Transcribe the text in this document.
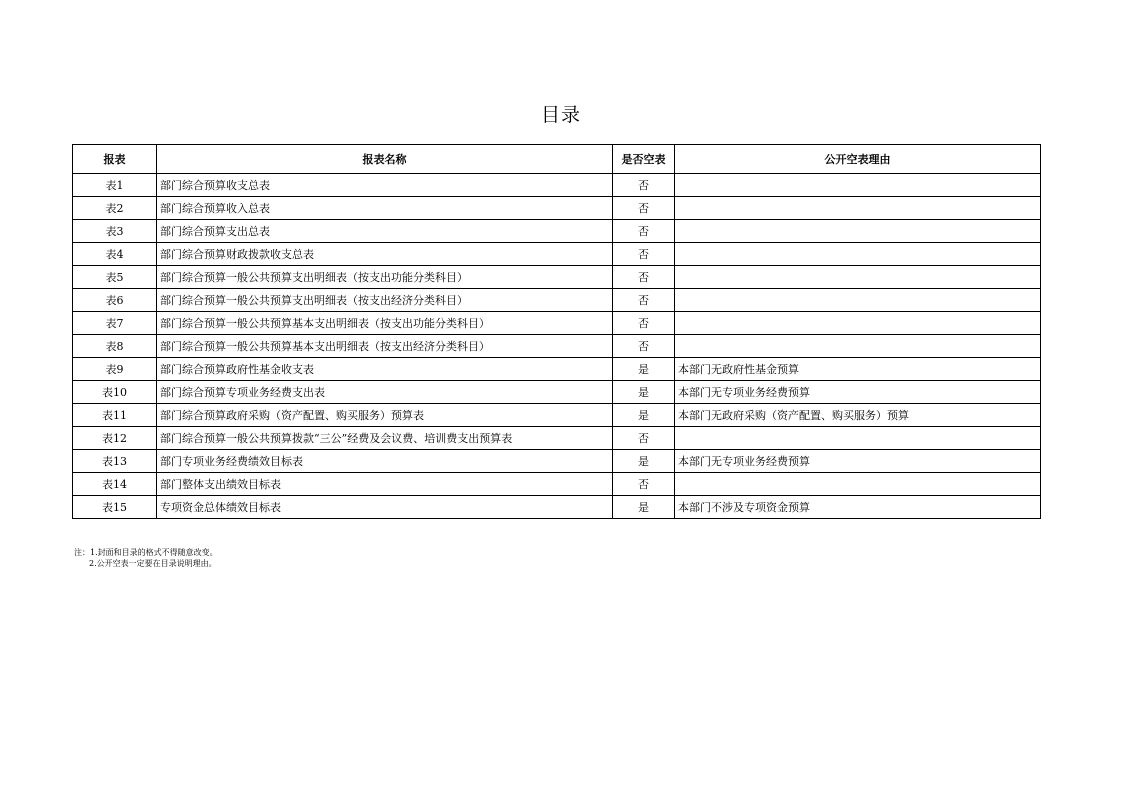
目录
报表	报表名称	是否空表	公开空表理由
表1	部门综合预算收支总表	否	
表2	部门综合预算收入总表	否	
表3	部门综合预算支出总表	否	
表4	部门综合预算财政拨款收支总表	否	
表5	部门综合预算一般公共预算支出明细表（按支出功能分类科目）	否	
表6	部门综合预算一般公共预算支出明细表（按支出经济分类科目）	否	
表7	部门综合预算一般公共预算基本支出明细表（按支出功能分类科目）	否	
表8	部门综合预算一般公共预算基本支出明细表（按支出经济分类科目）	否	
表9	部门综合预算政府性基金收支表	是	本部门无政府性基金预算
表10	部门综合预算专项业务经费支出表	是	本部门无专项业务经费预算
表11	部门综合预算政府采购（资产配置、购买服务）预算表	是	本部门无政府采购（资产配置、购买服务）预算
表12	部门综合预算一般公共预算拨款“三公”经费及会议费、培训费支出预算表	否	
表13	部门专项业务经费绩效目标表	是	本部门无专项业务经费预算
表14	部门整体支出绩效目标表	否	
表15	专项资金总体绩效目标表	是	本部门不涉及专项资金预算
注：1.封面和目录的格式不得随意改变。
2.公开空表一定要在目录说明理由。
